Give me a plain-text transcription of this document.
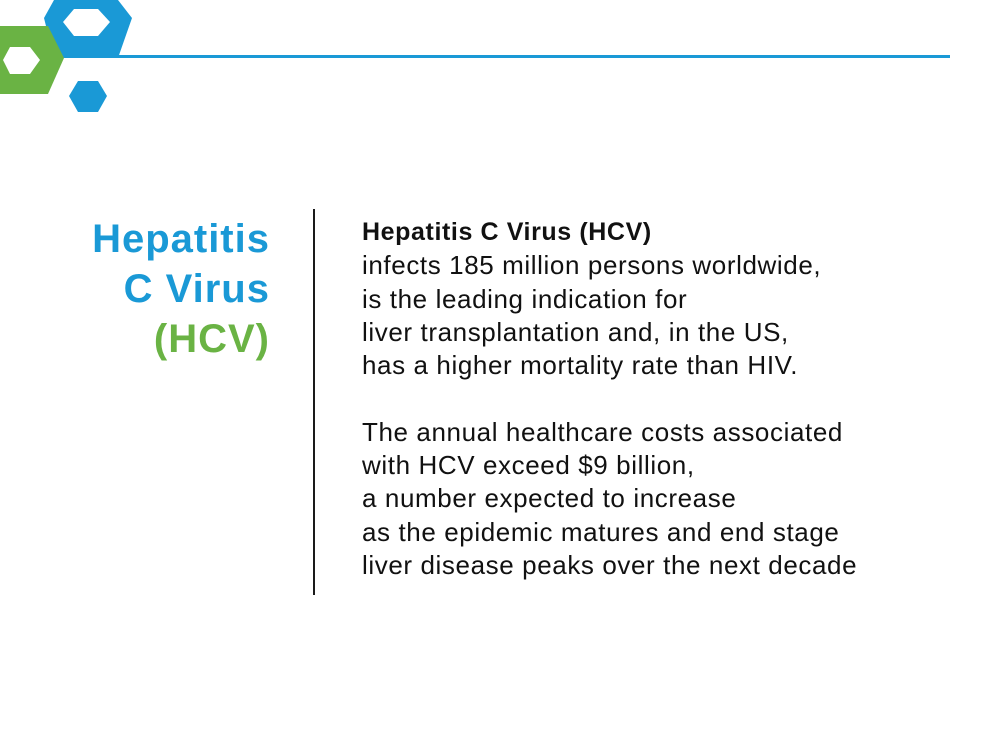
Hepatitis
C Virus
(HCV)
Hepatitis C Virus (HCV)
infects 185 million persons worldwide,
is the leading indication for
liver transplantation and, in the US,
has a higher mortality rate than HIV.
The annual healthcare costs associated
with HCV exceed $9 billion,
a number expected to increase
as the epidemic matures and end stage
liver disease peaks over the next decade
